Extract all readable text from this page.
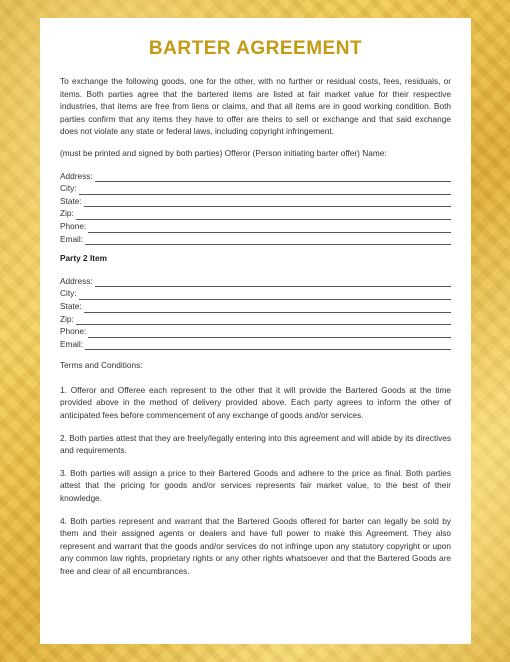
BARTER AGREEMENT

To exchange the following goods, one for the other, with no further or residual costs, fees, residuals, or items. Both parties agree that the bartered items are listed at fair market value for their respective industries, that items are free from liens or claims, and that all items are in good working condition. Both parties confirm that any items they have to offer are theirs to sell or exchange and that said exchange does not violate any state or federal laws, including copyright infringement.

(must be printed and signed by both parties) Offeror (Person initiating barter offer) Name:

Address:
City:
State:
Zip:
Phone:
Email:

Party 2 Item

Address:
City:
State:
Zip:
Phone:
Email:

Terms and Conditions:

1. Offeror and Offeree each represent to the other that it will provide the Bartered Goods at the time provided above in the method of delivery provided above. Each party agrees to inform the other of anticipated fees before commencement of any exchange of goods and/or services.

2. Both parties attest that they are freely/legally entering into this agreement and will abide by its directives and requirements.

3. Both parties will assign a price to their Bartered Goods and adhere to the price as final. Both parties attest that the pricing for goods and/or services represents fair market value, to the best of their knowledge.

4. Both parties represent and warrant that the Bartered Goods offered for barter can legally be sold by them and their assigned agents or dealers and have full power to make this Agreement. They also represent and warrant that the goods and/or services do not infringe upon any statutory copyright or upon any common law rights, proprietary rights or any other rights whatsoever and that the Bartered Goods are free and clear of all encumbrances.
